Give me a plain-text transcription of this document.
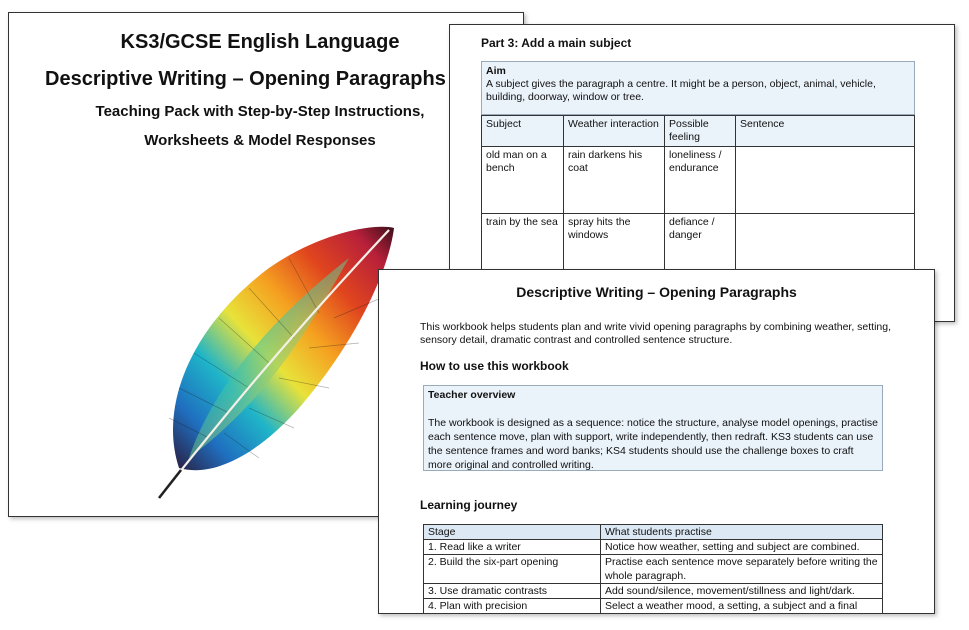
KS3/GCSE English Language
Descriptive Writing – Opening Paragraphs
Teaching Pack with Step-by-Step Instructions,
Worksheets & Model Responses
Part 3: Add a main subject
Aim
A subject gives the paragraph a centre. It might be a person, object, animal, vehicle, building, doorway, window or tree.
Subject	Weather interaction	Possible feeling	Sentence
old man on a bench	rain darkens his coat	loneliness / endurance	
train by the sea	spray hits the windows	defiance / danger	
Descriptive Writing – Opening Paragraphs
This workbook helps students plan and write vivid opening paragraphs by combining weather, setting, sensory detail, dramatic contrast and controlled sentence structure.
How to use this workbook
Teacher overview
The workbook is designed as a sequence: notice the structure, analyse model openings, practise each sentence move, plan with support, write independently, then redraft. KS3 students can use the sentence frames and word banks; KS4 students should use the challenge boxes to craft more original and controlled writing.
Learning journey
Stage	What students practise
1. Read like a writer	Notice how weather, setting and subject are combined.
2. Build the six-part opening	Practise each sentence move separately before writing the whole paragraph.
3. Use dramatic contrasts	Add sound/silence, movement/stillness and light/dark.
4. Plan with precision	Select a weather mood, a setting, a subject and a final
